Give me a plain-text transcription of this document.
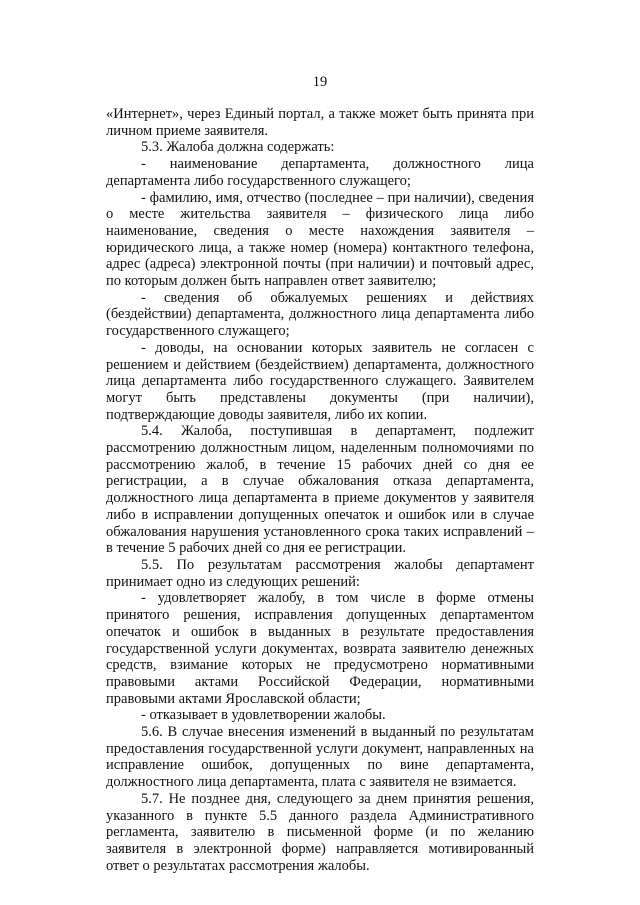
19

«Интернет», через Единый портал, а также может быть принята при личном приеме заявителя.

5.3. Жалоба должна содержать:

- наименование департамента, должностного лица департамента либо государственного служащего;

- фамилию, имя, отчество (последнее – при наличии), сведения о месте жительства заявителя – физического лица либо наименование, сведения о месте нахождения заявителя – юридического лица, а также номер (номера) контактного телефона, адрес (адреса) электронной почты (при наличии) и почтовый адрес, по которым должен быть направлен ответ заявителю;

- сведения об обжалуемых решениях и действиях (бездействии) департамента, должностного лица департамента либо государственного служащего;

- доводы, на основании которых заявитель не согласен с решением и действием (бездействием) департамента, должностного лица департамента либо государственного служащего. Заявителем могут быть представлены документы (при наличии), подтверждающие доводы заявителя, либо их копии.

5.4. Жалоба, поступившая в департамент, подлежит рассмотрению должностным лицом, наделенным полномочиями по рассмотрению жалоб, в течение 15 рабочих дней со дня ее регистрации, а в случае обжалования отказа департамента, должностного лица департамента в приеме документов у заявителя либо в исправлении допущенных опечаток и ошибок или в случае обжалования нарушения установленного срока таких исправлений – в течение 5 рабочих дней со дня ее регистрации.

5.5. По результатам рассмотрения жалобы департамент принимает одно из следующих решений:

- удовлетворяет жалобу, в том числе в форме отмены принятого решения, исправления допущенных департаментом опечаток и ошибок в выданных в результате предоставления государственной услуги документах, возврата заявителю денежных средств, взимание которых не предусмотрено нормативными правовыми актами Российской Федерации, нормативными правовыми актами Ярославской области;

- отказывает в удовлетворении жалобы.

5.6. В случае внесения изменений в выданный по результатам предоставления государственной услуги документ, направленных на исправление ошибок, допущенных по вине департамента, должностного лица департамента, плата с заявителя не взимается.

5.7. Не позднее дня, следующего за днем принятия решения, указанного в пункте 5.5 данного раздела Административного регламента, заявителю в письменной форме (и по желанию заявителя в электронной форме) направляется мотивированный ответ о результатах рассмотрения жалобы.
